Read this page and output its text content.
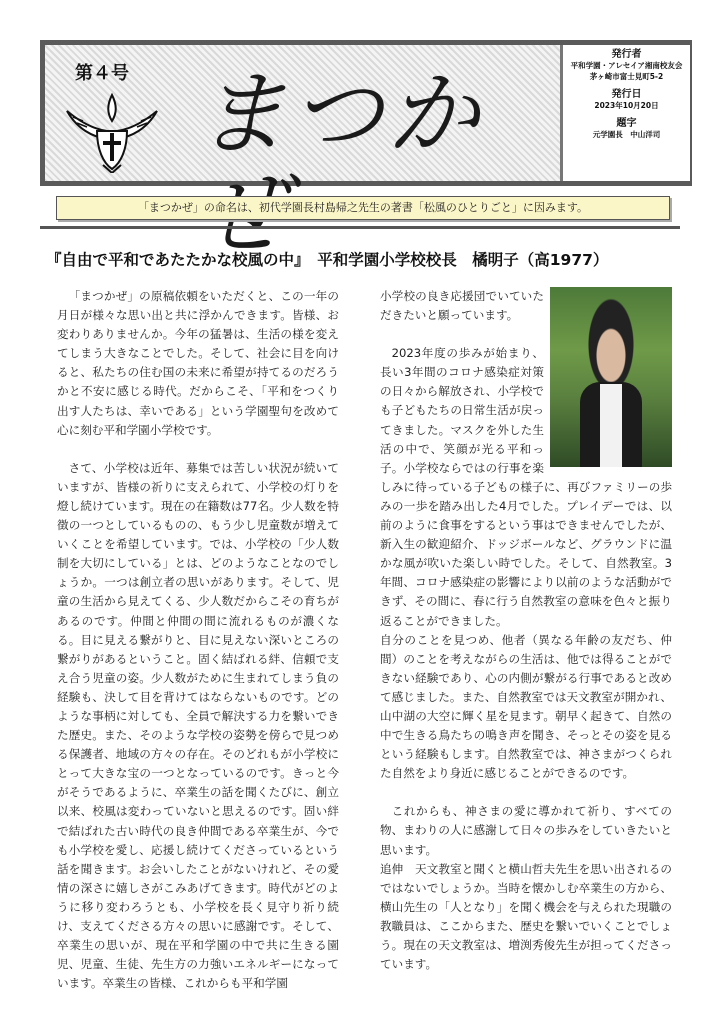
第４号 まつか
発行者
平和学園・アレセイア湘南校友会
茅ヶ崎市富士見町5-2
発行日
2023年10月20日
題字
元学園長　中山洋司
「まつかぜ」の命名は、初代学園長村島帰之先生の著書「松風のひとりごと」に因みます。
『自由で平和であたたかな校風の中』　平和学園小学校校長　橘明子（高1977）

「まつかぜ」の原稿依頼をいただくと、この一年の月日が様々な思い出と共に浮かんできます。皆様、お変わりありませんか。今年の猛暑は、生活の様を変えてしまう大きなことでした。そして、社会に目を向けると、私たちの住む国の未来に希望が持てるのだろうかと不安に感じる時代。だからこそ、「平和をつくり出す人たちは、幸いである」という学園聖句を改めて心に刻む平和学園小学校です。

さて、小学校は近年、募集では苦しい状況が続いていますが、皆様の祈りに支えられて、小学校の灯りを燈し続けています。現在の在籍数は77名。少人数を特徴の一つとしているものの、もう少し児童数が増えていくことを希望しています。では、小学校の「少人数制を大切にしている」とは、どのようなことなのでしょうか。一つは創立者の思いがあります。そして、児童の生活から見えてくる、少人数だからこその育ちがあるのです。仲間と仲間の間に流れるものが濃くなる。目に見える繋がりと、目に見えない深いところの繋がりがあるということ。固く結ばれる絆、信頼で支え合う児童の姿。少人数がために生まれてしまう負の経験も、決して目を背けてはならないものです。どのような事柄に対しても、全員で解決する力を繋いできた歴史。また、そのような学校の姿勢を傍らで見つめる保護者、地域の方々の存在。そのどれもが小学校にとって大きな宝の一つとなっているのです。きっと今がそうであるように、卒業生の話を聞くたびに、創立以来、校風は変わっていないと思えるのです。固い絆で結ばれた古い時代の良き仲間である卒業生が、今でも小学校を愛し、応援し続けてくださっているという話を聞きます。お会いしたことがないけれど、その愛情の深さに嬉しさがこみあげてきます。時代がどのように移り変わろうとも、小学校を長く見守り祈り続け、支えてくださる方々の思いに感謝です。そして、卒業生の思いが、現在平和学園の中で共に生きる園児、児童、生徒、先生方の力強いエネルギーになっています。卒業生の皆様、これからも平和学園

小学校の良き応援団でいていただきたいと願っています。

2023年度の歩みが始まり、長い3年間のコロナ感染症対策の日々から解放され、小学校でも子どもたちの日常生活が戻ってきました。マスクを外した生活の中で、笑顔が光る平和っ子。小学校ならではの行事を楽しみに待っている子どもの様子に、再びファミリーの歩みの一歩を踏み出した4月でした。プレイデーでは、以前のように食事をするという事はできませんでしたが、新入生の歓迎紹介、ドッジボールなど、グラウンドに温かな風が吹いた楽しい時でした。そして、自然教室。3年間、コロナ感染症の影響により以前のような活動ができず、その間に、春に行う自然教室の意味を色々と振り返ることができました。

自分のことを見つめ、他者（異なる年齢の友だち、仲間）のことを考えながらの生活は、他では得ることができない経験であり、心の内側が繋がる行事であると改めて感じました。また、自然教室では天文教室が開かれ、山中湖の大空に輝く星を見ます。朝早く起きて、自然の中で生きる鳥たちの鳴き声を聞き、そっとその姿を見るという経験もします。自然教室では、神さまがつくられた自然をより身近に感じることができるのです。

これからも、神さまの愛に導かれて祈り、すべての物、まわりの人に感謝して日々の歩みをしていきたいと思います。

追伸　天文教室と聞くと横山哲夫先生を思い出されるのではないでしょうか。当時を懐かしむ卒業生の方から、横山先生の「人となり」を聞く機会を与えられた現職の教職員は、ここからまた、歴史を繋いでいくことでしょう。現在の天文教室は、増渕秀俊先生が担ってくださっています。
